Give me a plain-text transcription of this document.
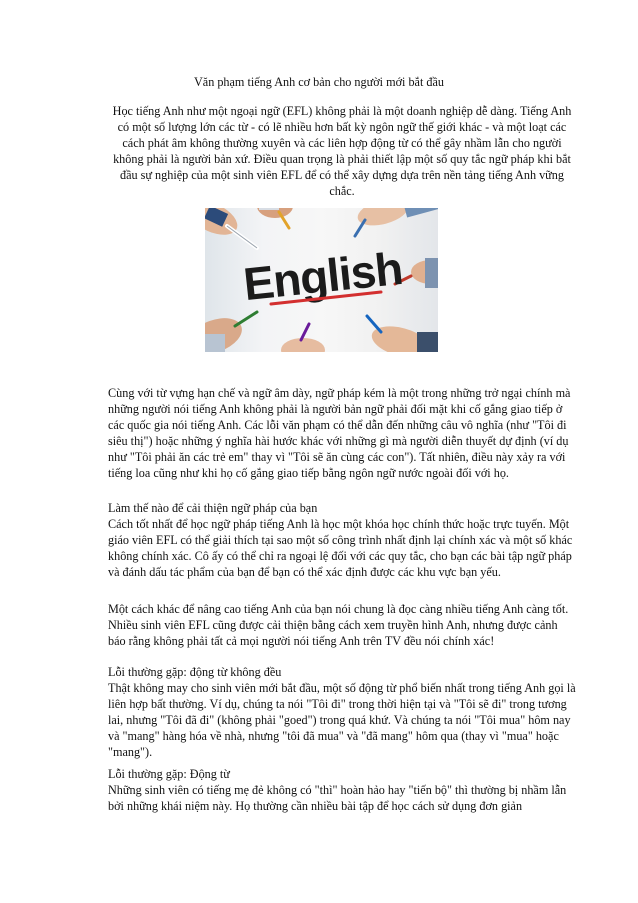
Văn phạm tiếng Anh cơ bản cho người mới bắt đầu

Học tiếng Anh như một ngoại ngữ (EFL) không phải là một doanh nghiệp dễ dàng. Tiếng Anh có một số lượng lớn các từ - có lẽ nhiều hơn bất kỳ ngôn ngữ thế giới khác - và một loạt các cách phát âm không thường xuyên và các liên hợp động từ có thể gây nhầm lẫn cho người không phải là người bản xứ. Điều quan trọng là phải thiết lập một số quy tắc ngữ pháp khi bắt đầu sự nghiệp của một sinh viên EFL để có thể xây dựng dựa trên nền tảng tiếng Anh vững chắc.

English

Cùng với từ vựng hạn chế và ngữ âm dày, ngữ pháp kém là một trong những trở ngại chính mà những người nói tiếng Anh không phải là người bản ngữ phải đối mặt khi cố gắng giao tiếp ở các quốc gia nói tiếng Anh. Các lỗi văn phạm có thể dẫn đến những câu vô nghĩa (như "Tôi đi siêu thị") hoặc những ý nghĩa hài hước khác với những gì mà người diễn thuyết dự định (ví dụ như "Tôi phải ăn các trẻ em" thay vì "Tôi sẽ ăn cùng các con"). Tất nhiên, điều này xảy ra với tiếng loa cũng như khi họ cố gắng giao tiếp bằng ngôn ngữ nước ngoài đối với họ.

Làm thế nào để cải thiện ngữ pháp của bạn

Cách tốt nhất để học ngữ pháp tiếng Anh là học một khóa học chính thức hoặc trực tuyến. Một giáo viên EFL có thể giải thích tại sao một số công trình nhất định lại chính xác và một số khác không chính xác. Cô ấy có thể chỉ ra ngoại lệ đối với các quy tắc, cho bạn các bài tập ngữ pháp và đánh dấu tác phẩm của bạn để bạn có thể xác định được các khu vực bạn yếu.

Một cách khác để nâng cao tiếng Anh của bạn nói chung là đọc càng nhiều tiếng Anh càng tốt. Nhiều sinh viên EFL cũng được cải thiện bằng cách xem truyền hình Anh, nhưng được cảnh báo rằng không phải tất cả mọi người nói tiếng Anh trên TV đều nói chính xác!

Lỗi thường gặp: động từ không đều

Thật không may cho sinh viên mới bắt đầu, một số động từ phổ biến nhất trong tiếng Anh gọi là liên hợp bất thường. Ví dụ, chúng ta nói "Tôi đi" trong thời hiện tại và "Tôi sẽ đi" trong tương lai, nhưng "Tôi đã đi" (không phải "goed") trong quá khứ. Và chúng ta nói "Tôi mua" hôm nay và "mang" hàng hóa về nhà, nhưng "tôi đã mua" và "đã mang" hôm qua (thay vì "mua" hoặc "mang").

Lỗi thường gặp: Động từ

Những sinh viên có tiếng mẹ đẻ không có "thì" hoàn hảo hay "tiến bộ" thì thường bị nhầm lẫn bởi những khái niệm này. Họ thường cần nhiều bài tập để học cách sử dụng đơn giản
